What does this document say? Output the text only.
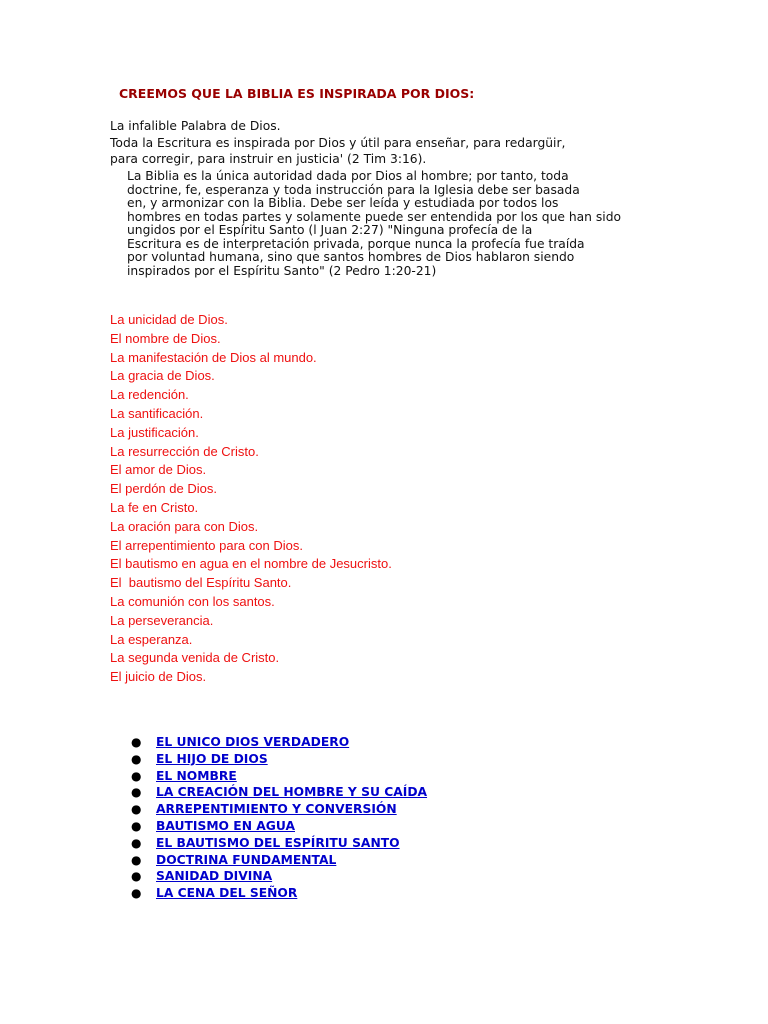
CREEMOS QUE LA BIBLIA ES INSPIRADA POR DIOS:
La infalible Palabra de Dios.
Toda la Escritura es inspirada por Dios y útil para enseñar, para redargüir,
para corregir, para instruir en justicia' (2 Tim 3:16).
La Biblia es la única autoridad dada por Dios al hombre; por tanto, toda
doctrine, fe, esperanza y toda instrucción para la Iglesia debe ser basada
en, y armonizar con la Biblia. Debe ser leída y estudiada por todos los
hombres en todas partes y solamente puede ser entendida por los que han sido
ungidos por el Espíritu Santo (l Juan 2:27) "Ninguna profecía de la
Escritura es de interpretación privada, porque nunca la profecía fue traída
por voluntad humana, sino que santos hombres de Dios hablaron siendo
inspirados por el Espíritu Santo" (2 Pedro 1:20-21)
La unicidad de Dios.
El nombre de Dios.
La manifestación de Dios al mundo.
La gracia de Dios.
La redención.
La santificación.
La justificación.
La resurrección de Cristo.
El amor de Dios.
El perdón de Dios.
La fe en Cristo.
La oración para con Dios.
El arrepentimiento para con Dios.
El bautismo en agua en el nombre de Jesucristo.
El  bautismo del Espíritu Santo.
La comunión con los santos.
La perseverancia.
La esperanza.
La segunda venida de Cristo.
El juicio de Dios.
● EL UNICO DIOS VERDADERO
● EL HIJO DE DIOS
● EL NOMBRE
● LA CREACIÓN DEL HOMBRE Y SU CAÍDA
● ARREPENTIMIENTO Y CONVERSIÓN
● BAUTISMO EN AGUA
● EL BAUTISMO DEL ESPÍRITU SANTO
● DOCTRINA FUNDAMENTAL
● SANIDAD DIVINA
● LA CENA DEL SEÑOR
